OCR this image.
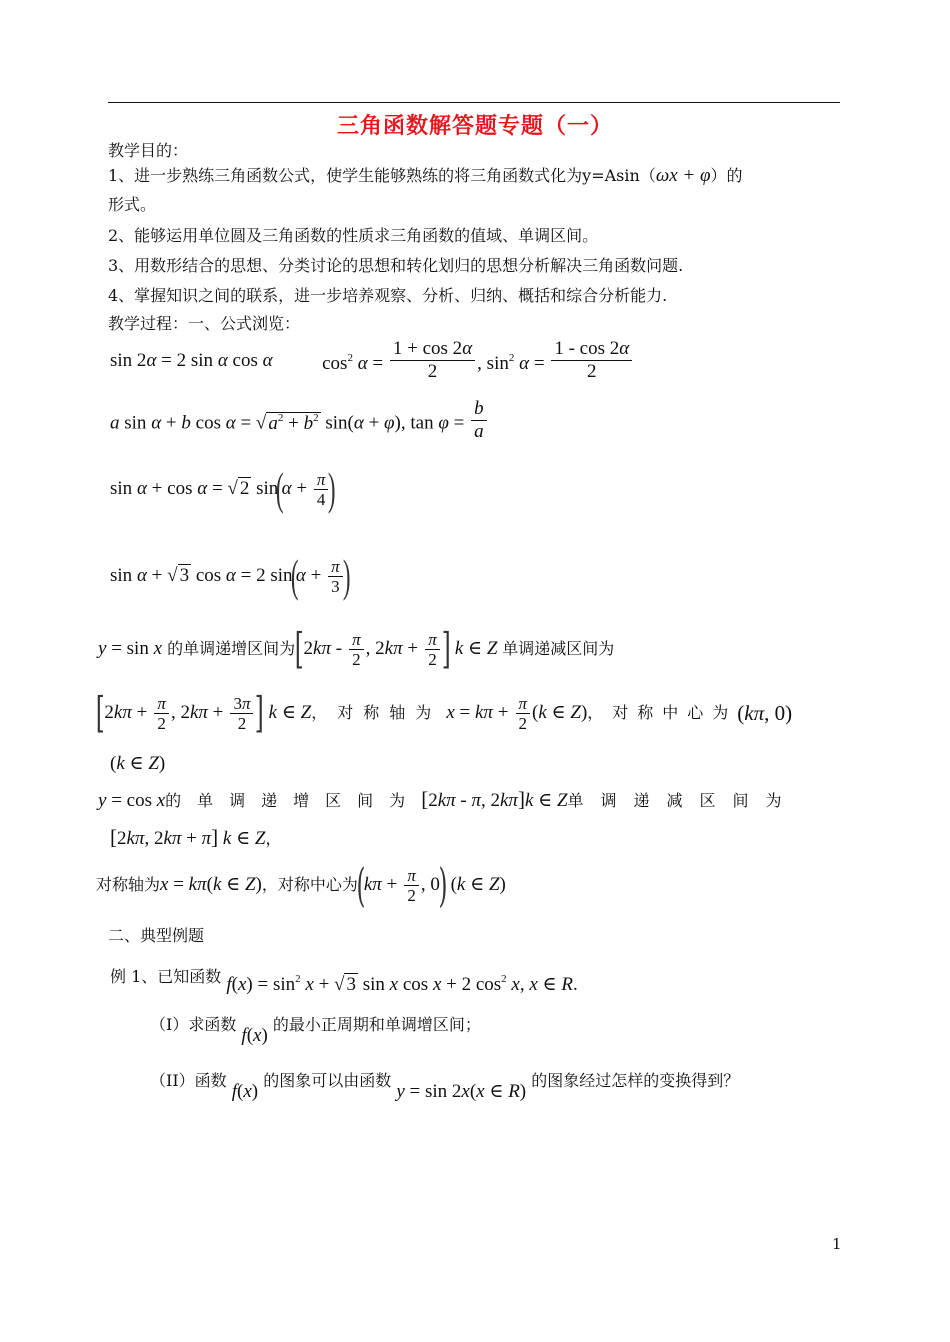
三角函数解答题专题（一）
教学目的：
1、进一步熟练三角函数公式，使学生能够熟练的将三角函数式化为y=Asin（ωx + φ）的
形式。
2、能够运用单位圆及三角函数的性质求三角函数的值域、单调区间。
3、用数形结合的思想、分类讨论的思想和转化划归的思想分析解决三角函数问题.
4、掌握知识之间的联系，进一步培养观察、分析、归纳、概括和综合分析能力.
教学过程：一、公式浏览：
sin 2α = 2 sin α cos α	$\cos^2 \alpha = \frac{1 + \cos 2\alpha}{2}$ , $\sin^2 \alpha = \frac{1 - \cos 2\alpha}{2}$
a sin α + b cos α = √ $a^2 + b^2$ sin(α + φ), $\tan \varphi = \frac{b}{a}$
sin α + cos α = √ 2 $\sin(\alpha + \frac{\pi}{4}$ )
sin α + √ 3 cos α = 2 $\sin(\alpha + \frac{\pi}{3}$ )
y = sin x 的单调递增区间为[$2k\pi - \frac{\pi}{2}$ , $2k\pi + \frac{\pi}{2}$ ] k ∈ Z 单调递减区间为
[$2k\pi + \frac{\pi}{2}$ , $2k\pi + \frac{3\pi}{2}$ ] k ∈ Z，对称轴为 $x = k\pi + \frac{\pi}{2} (k$ ∈ Z)，对称中心为(kπ, 0)
(k ∈ Z)
y = cos x的单调递增区间为[2kπ - π, 2kπ]k ∈ Z单调递减区间为
[2kπ, 2kπ + π] k ∈ Z，
对称轴为x = kπ(k ∈ Z)，对称中心为($k\pi + \frac{\pi}{2}$ , 0) (k ∈ Z)
二、典型例题
例 1、已知函数 $f(x) = \sin^2 x$ + √ 3 sin x cos x + 2 $\cos^2 x$, x ∈ R.
（I）求函数 f(x) 的最小正周期和单调增区间；
（II）函数 f(x) 的图象可以由函数 y = sin 2x(x ∈ R) 的图象经过怎样的变换得到？
1
